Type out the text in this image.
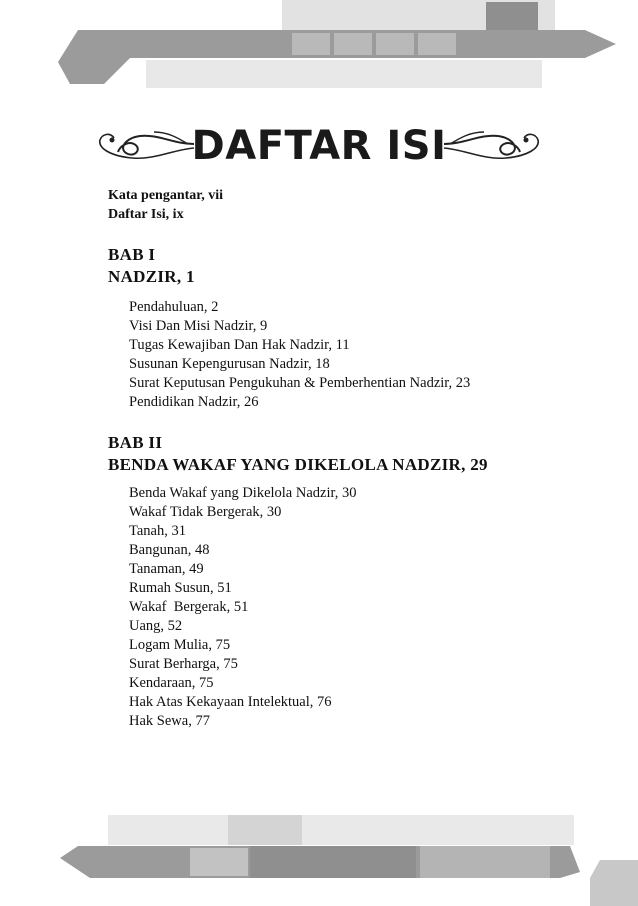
DAFTAR ISI
Kata pengantar, vii
Daftar Isi, ix
BAB I
NADZIR, 1
Pendahuluan, 2
Visi Dan Misi Nadzir, 9
Tugas Kewajiban Dan Hak Nadzir, 11
Susunan Kepengurusan Nadzir, 18
Surat Keputusan Pengukuhan & Pemberhentian Nadzir, 23
Pendidikan Nadzir, 26
BAB II
BENDA WAKAF YANG DIKELOLA NADZIR, 29
Benda Wakaf yang Dikelola Nadzir, 30
Wakaf Tidak Bergerak, 30
Tanah, 31
Bangunan, 48
Tanaman, 49
Rumah Susun, 51
Wakaf  Bergerak, 51
Uang, 52
Logam Mulia, 75
Surat Berharga, 75
Kendaraan, 75
Hak Atas Kekayaan Intelektual, 76
Hak Sewa, 77
